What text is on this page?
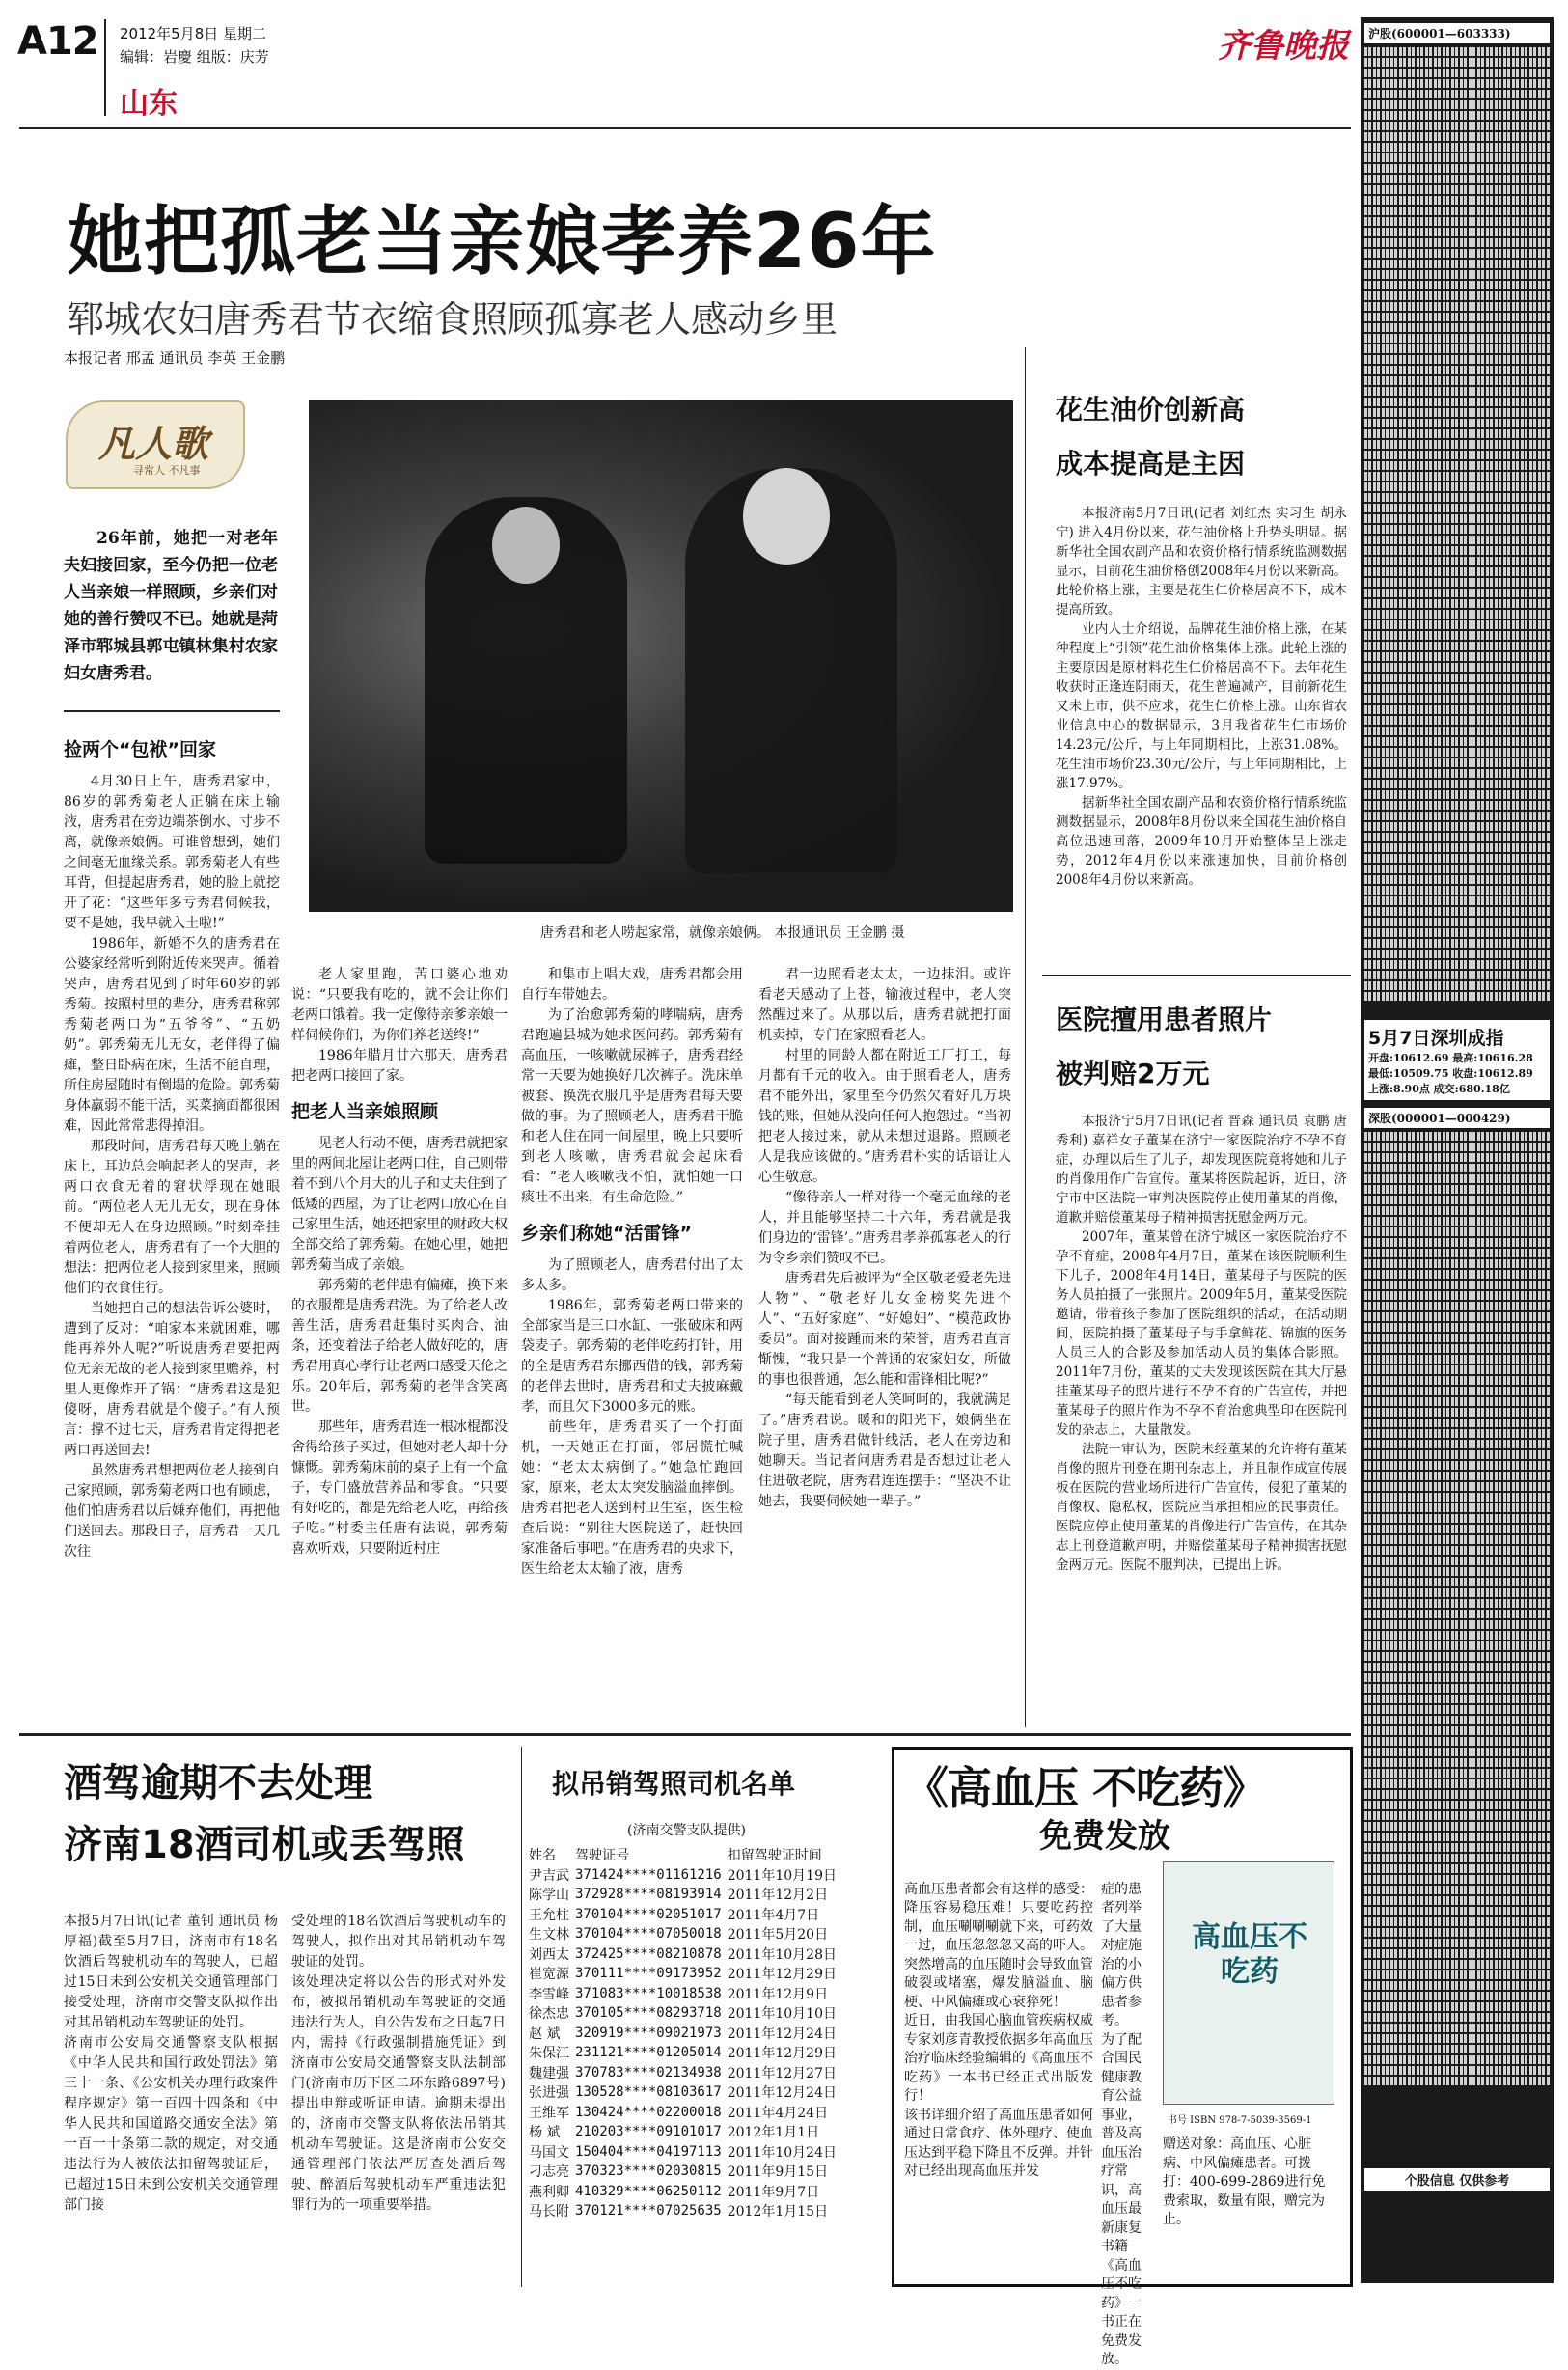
A12 2012年5月8日 星期二
编辑：岩慶 组版：庆芳
山东
齐鲁晚报
她把孤老当亲娘孝养26年
郓城农妇唐秀君节衣缩食照顾孤寡老人感动乡里
本报记者 邢孟 通讯员 李英 王金鹏
凡人歌
寻常人 不凡事
26年前，她把一对老年夫妇接回家，至今仍把一位老人当亲娘一样照顾，乡亲们对她的善行赞叹不已。她就是菏泽市郓城县郭屯镇林集村农家妇女唐秀君。
唐秀君和老人唠起家常，就像亲娘俩。 本报通讯员 王金鹏 摄
捡两个“包袱”回家

4月30日上午，唐秀君家中，86岁的郭秀菊老人正躺在床上输液，唐秀君在旁边端茶倒水、寸步不离，就像亲娘俩。可谁曾想到，她们之间毫无血缘关系。郭秀菊老人有些耳背，但提起唐秀君，她的脸上就挖开了花：“这些年多亏秀君伺候我，要不是她，我早就入土啦!”

1986年，新婚不久的唐秀君在公婆家经常听到附近传来哭声。循着哭声，唐秀君见到了时年60岁的郭秀菊。按照村里的辈分，唐秀君称郭秀菊老两口为“五爷爷”、“五奶奶”。郭秀菊无儿无女，老伴得了偏瘫，整日卧病在床，生活不能自理，所住房屋随时有倒塌的危险。郭秀菊身体羸弱不能干活，买菜摘面都很困难，因此常常悲得掉泪。

那段时间，唐秀君每天晚上躺在床上，耳边总会响起老人的哭声，老两口衣食无着的窘状浮现在她眼前。“两位老人无儿无女，现在身体不便却无人在身边照顾。”时刻牵挂着两位老人，唐秀君有了一个大胆的想法：把两位老人接到家里来，照顾他们的衣食住行。

当她把自己的想法告诉公婆时，遭到了反对：“咱家本来就困难，哪能再养外人呢?”听说唐秀君要把两位无亲无故的老人接到家里赡养，村里人更像炸开了锅：“唐秀君这是犯傻呀，唐秀君就是个傻子。”有人预言：撑不过七天，唐秀君肯定得把老两口再送回去!

虽然唐秀君想把两位老人接到自己家照顾，郭秀菊老两口也有顾虑，他们怕唐秀君以后嫌弃他们，再把他们送回去。那段日子，唐秀君一天几次往

老人家里跑，苦口婆心地劝说：“只要我有吃的，就不会让你们老两口饿着。我一定像待亲爹亲娘一样伺候你们，为你们养老送终!”

1986年腊月廿六那天，唐秀君把老两口接回了家。

把老人当亲娘照顾

见老人行动不便，唐秀君就把家里的两间北屋让老两口住，自己则带着不到八个月大的儿子和丈夫住到了低矮的西屋，为了让老两口放心在自己家里生活，她还把家里的财政大权全部交给了郭秀菊。在她心里，她把郭秀菊当成了亲娘。

郭秀菊的老伴患有偏瘫，换下来的衣服都是唐秀君洗。为了给老人改善生活，唐秀君赶集时买肉合、油条，还变着法子给老人做好吃的，唐秀君用真心孝行让老两口感受天伦之乐。20年后，郭秀菊的老伴含笑离世。

那些年，唐秀君连一根冰棍都没舍得给孩子买过，但她对老人却十分慷慨。郭秀菊床前的桌子上有一个盒子，专门盛放营养品和零食。“只要有好吃的，都是先给老人吃，再给孩子吃。”村委主任唐有法说，郭秀菊喜欢听戏，只要附近村庄

和集市上唱大戏，唐秀君都会用自行车带她去。

为了治愈郭秀菊的哮喘病，唐秀君跑遍县城为她求医问药。郭秀菊有高血压，一咳嗽就尿裤子，唐秀君经常一天要为她换好几次裤子。洗床单被套、换洗衣服几乎是唐秀君每天要做的事。为了照顾老人，唐秀君干脆和老人住在同一间屋里，晚上只要听到老人咳嗽，唐秀君就会起床看看：“老人咳嗽我不怕，就怕她一口痰吐不出来，有生命危险。”

乡亲们称她“活雷锋”

为了照顾老人，唐秀君付出了太多太多。

1986年，郭秀菊老两口带来的全部家当是三口水缸、一张破床和两袋麦子。郭秀菊的老伴吃药打针，用的全是唐秀君东挪西借的钱，郭秀菊的老伴去世时，唐秀君和丈夫披麻戴孝，而且欠下3000多元的账。

前些年，唐秀君买了一个打面机，一天她正在打面，邻居慌忙喊她：“老太太病倒了。”她急忙跑回家，原来，老太太突发脑溢血摔倒。唐秀君把老人送到村卫生室，医生检查后说：“别往大医院送了，赶快回家准备后事吧。”在唐秀君的央求下，医生给老太太输了液，唐秀

君一边照看老太太，一边抹泪。或许看老天感动了上苍，输液过程中，老人突然醒过来了。从那以后，唐秀君就把打面机卖掉，专门在家照看老人。

村里的同龄人都在附近工厂打工，每月都有千元的收入。由于照看老人，唐秀君不能外出，家里至今仍然欠着好几万块钱的账，但她从没向任何人抱怨过。“当初把老人接过来，就从未想过退路。照顾老人是我应该做的。”唐秀君朴实的话语让人心生敬意。

“像待亲人一样对待一个毫无血缘的老人，并且能够坚持二十六年，秀君就是我们身边的‘雷锋’。”唐秀君孝养孤寡老人的行为令乡亲们赞叹不已。

唐秀君先后被评为“全区敬老爱老先进人物”、“敬老好儿女金榜奖先进个人”、“五好家庭”、“好媳妇”、“模范政协委员”。面对接踵而来的荣誉，唐秀君直言惭愧，“我只是一个普通的农家妇女，所做的事也很普通，怎么能和雷锋相比呢?”

“每天能看到老人笑呵呵的，我就满足了。”唐秀君说。暖和的阳光下，娘俩坐在院子里，唐秀君做针线活，老人在旁边和她聊天。当记者问唐秀君是否想过让老人住进敬老院，唐秀君连连摆手：“坚决不让她去，我要伺候她一辈子。”

花生油价创新高
成本提高是主因

本报济南5月7日讯(记者 刘红杰 实习生 胡永宁) 进入4月份以来，花生油价格上升势头明显。据新华社全国农副产品和农资价格行情系统监测数据显示，目前花生油价格创2008年4月份以来新高。此轮价格上涨，主要是花生仁价格居高不下，成本提高所致。

业内人士介绍说，品牌花生油价格上涨，在某种程度上“引领”花生油价格集体上涨。此轮上涨的主要原因是原材料花生仁价格居高不下。去年花生收获时正逢连阴雨天，花生普遍减产，目前新花生又未上市，供不应求，花生仁价格上涨。山东省农业信息中心的数据显示，3月我省花生仁市场价14.23元/公斤，与上年同期相比，上涨31.08%。花生油市场价23.30元/公斤，与上年同期相比，上涨17.97%。

据新华社全国农副产品和农资价格行情系统监测数据显示，2008年8月份以来全国花生油价格自高位迅速回落，2009年10月开始整体呈上涨走势，2012年4月份以来涨速加快，目前价格创2008年4月份以来新高。

医院擅用患者照片
被判赔2万元

本报济宁5月7日讯(记者 晋森 通讯员 袁鹏 唐秀利) 嘉祥女子董某在济宁一家医院治疗不孕不育症，办理以后生了儿子，却发现医院竟将她和儿子的肖像用作广告宣传。董某将医院起诉，近日，济宁市中区法院一审判决医院停止使用董某的肖像，道歉并赔偿董某母子精神损害抚慰金两万元。

2007年，董某曾在济宁城区一家医院治疗不孕不育症，2008年4月7日，董某在该医院顺利生下儿子，2008年4月14日，董某母子与医院的医务人员拍摄了一张照片。2009年5月，董某受医院邀请，带着孩子参加了医院组织的活动，在活动期间，医院拍摄了董某母子与手拿鲜花、锦旗的医务人员三人的合影及参加活动人员的集体合影照。2011年7月份，董某的丈夫发现该医院在其大厅悬挂董某母子的照片进行不孕不育的广告宣传，并把董某母子的照片作为不孕不育治愈典型印在医院刊发的杂志上，大量散发。

法院一审认为，医院未经董某的允许将有董某肖像的照片刊登在期刊杂志上，并且制作成宣传展板在医院的营业场所进行广告宣传，侵犯了董某的肖像权、隐私权，医院应当承担相应的民事责任。医院应停止使用董某的肖像进行广告宣传，在其杂志上刊登道歉声明，并赔偿董某母子精神损害抚慰金两万元。医院不服判决，已提出上诉。

酒驾逾期不去处理
济南18酒司机或丢驾照

本报5月7日讯(记者 董钊 通讯员 杨厚福)截至5月7日，济南市有18名饮酒后驾驶机动车的驾驶人，已超过15日未到公安机关交通管理部门接受处理，济南市交警支队拟作出对其吊销机动车驾驶证的处罚。
济南市公安局交通警察支队根据《中华人民共和国行政处罚法》第三十一条、《公安机关办理行政案件程序规定》第一百四十四条和《中华人民共和国道路交通安全法》第一百一十条第二款的规定，对交通违法行为人被依法扣留驾驶证后，已超过15日未到公安机关交通管理部门接

受处理的18名饮酒后驾驶机动车的驾驶人，拟作出对其吊销机动车驾驶证的处罚。
该处理决定将以公告的形式对外发布，被拟吊销机动车驾驶证的交通违法行为人，自公告发布之日起7日内，需持《行政强制措施凭证》到济南市公安局交通警察支队法制部门(济南市历下区二环东路6897号)提出申辩或听证申请。逾期未提出的，济南市交警支队将依法吊销其机动车驾驶证。这是济南市公安交通管理部门依法严厉查处酒后驾驶、醉酒后驾驶机动车严重违法犯罪行为的一项重要举措。

拟吊销驾照司机名单
(济南交警支队提供)
姓名	驾驶证号	扣留驾驶证时间
尹吉武	371424****01161216	2011年10月19日
陈学山	372928****08193914	2011年12月2日
王允柱	370104****02051017	2011年4月7日
生文林	370104****07050018	2011年5月20日
刘西太	372425****08210878	2011年10月28日
崔宽源	370111****09173952	2011年12月29日
李雪峰	371083****10018538	2011年12月9日
徐杰忠	370105****08293718	2011年10月10日
赵 斌	320919****09021973	2011年12月24日
朱保江	231121****01205014	2011年12月29日
魏建强	370783****02134938	2011年12月27日
张进强	130528****08103617	2011年12月24日
王维军	130424****02200018	2011年4月24日
杨 斌	210203****09101017	2012年1月1日
马国文	150404****04197113	2011年10月24日
刁志亮	370323****02030815	2011年9月15日
燕利卿	410329****06250112	2011年9月7日
马长附	370121****07025635	2012年1月15日
《高血压 不吃药》
免费发放

高血压患者都会有这样的感受：降压容易稳压难！只要吃药控制，血压唰唰唰就下来，可药效一过，血压忽忽忽又高的吓人。突然增高的血压随时会导致血管破裂或堵塞，爆发脑溢血、脑梗、中风偏瘫或心衰猝死！
近日，由我国心脑血管疾病权威专家刘彦青教授依据多年高血压治疗临床经验编辑的《高血压不吃药》一本书已经正式出版发行！
该书详细介绍了高血压患者如何通过日常食疗、体外理疗、使血压达到平稳下降且不反弹。并针对已经出现高血压并发

症的患者列举了大量对症施治的小偏方供患者参考。
为了配合国民健康教育公益事业，普及高血压治疗常识，高血压最新康复书籍《高血压不吃药》一书正在免费发放。

高血压不吃药
书号 ISBN 978-7-5039-3569-1
赠送对象：高血压、心脏病、中风偏瘫患者。可拨打：400-699-2869进行免费索取，数量有限，赠完为止。
沪股(600001—603333)
5月7日深圳成指
开盘:10612.69 最高:10616.28
最低:10509.75 收盘:10612.89
上涨:8.90点 成交:680.18亿
深股(000001—000429)
个股信息 仅供参考
